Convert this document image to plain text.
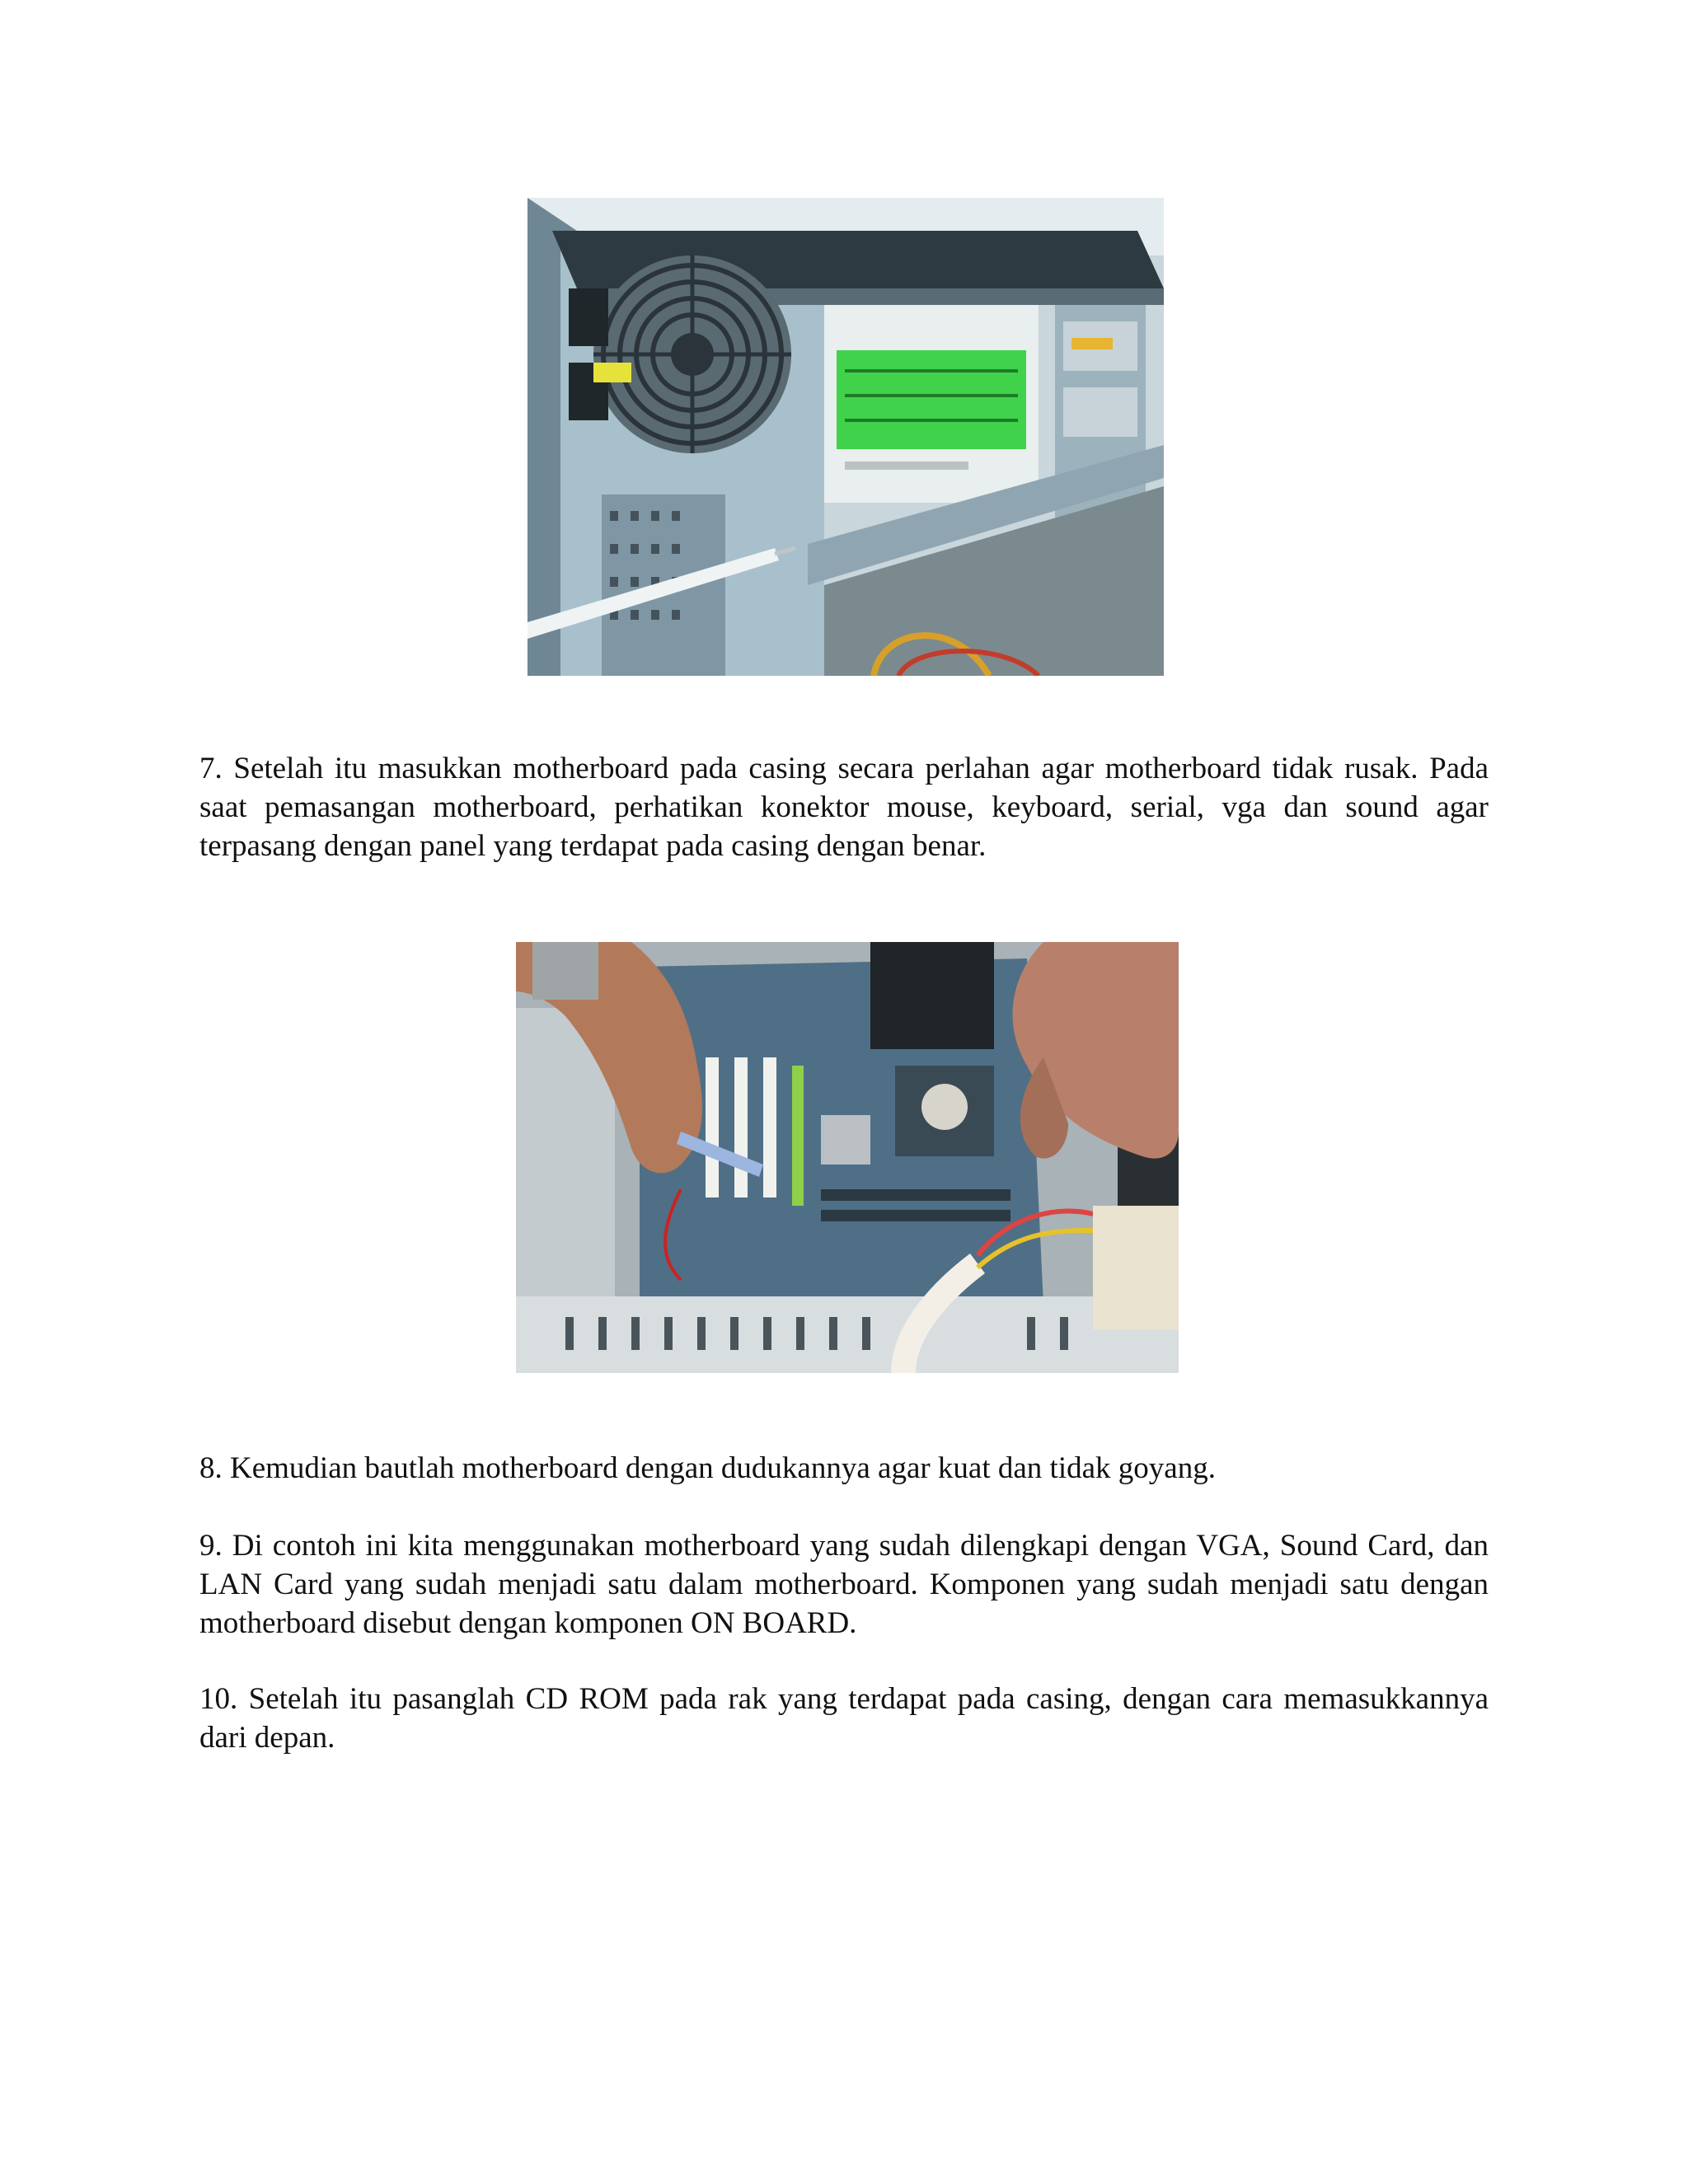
7. Setelah itu masukkan motherboard pada casing secara perlahan agar motherboard tidak rusak. Pada saat pemasangan motherboard, perhatikan konektor mouse, keyboard, serial, vga dan sound agar terpasang dengan panel yang terdapat pada casing dengan benar.

8. Kemudian bautlah motherboard dengan dudukannya agar kuat dan tidak goyang.

9. Di contoh ini kita menggunakan motherboard yang sudah dilengkapi dengan VGA, Sound Card, dan LAN Card yang sudah menjadi satu dalam motherboard. Komponen yang sudah menjadi satu dengan motherboard disebut dengan komponen ON BOARD.

10. Setelah itu pasanglah CD ROM pada rak yang terdapat pada casing, dengan cara memasukkannya dari depan.
